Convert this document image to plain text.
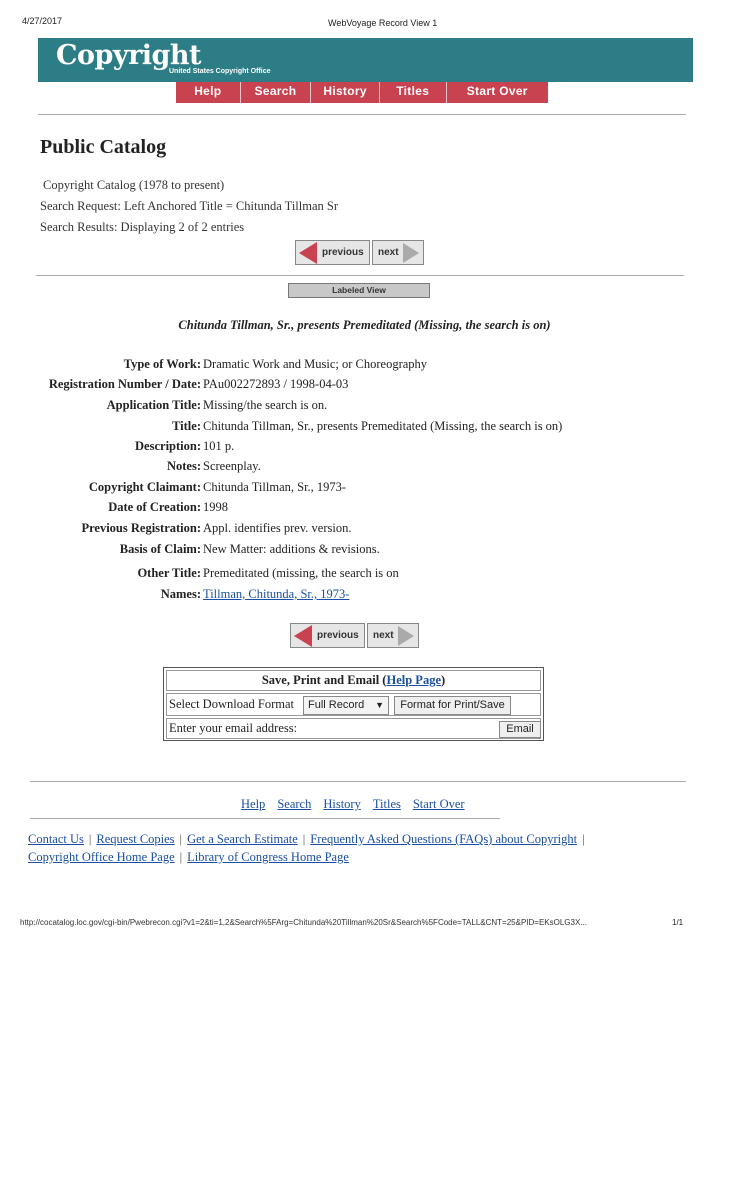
4/27/2017	WebVoyage Record View 1
Copyright
United States Copyright Office
Help	Search	History	Titles	Start Over
Public Catalog
Copyright Catalog (1978 to present)
Search Request: Left Anchored Title = Chitunda Tillman Sr
Search Results: Displaying 2 of 2 entries
previous next
Labeled View
Chitunda Tillman, Sr., presents Premeditated (Missing, the search is on)
Type of Work: Dramatic Work and Music; or Choreography
Registration Number / Date: PAu002272893 / 1998-04-03
Application Title: Missing/the search is on.
Title: Chitunda Tillman, Sr., presents Premeditated (Missing, the search is on)
Description: 101 p.
Notes: Screenplay.
Copyright Claimant: Chitunda Tillman, Sr., 1973-
Date of Creation: 1998
Previous Registration: Appl. identifies prev. version.
Basis of Claim: New Matter: additions & revisions.
Other Title: Premeditated (missing, the search is on
Names: Tillman, Chitunda, Sr., 1973-
previous next
Save, Print and Email (Help Page)
Select Download Format	Full Record ▼	Format for Print/Save
Enter your email address:	Email
Help Search History Titles Start Over
Contact Us | Request Copies | Get a Search Estimate | Frequently Asked Questions (FAQs) about Copyright |
Copyright Office Home Page | Library of Congress Home Page
http://cocatalog.loc.gov/cgi-bin/Pwebrecon.cgi?v1=2&ti=1,2&Search%5FArg=Chitunda%20Tillman%20Sr&Search%5FCode=TALL&CNT=25&PID=EKsOLG3X...	1/1
